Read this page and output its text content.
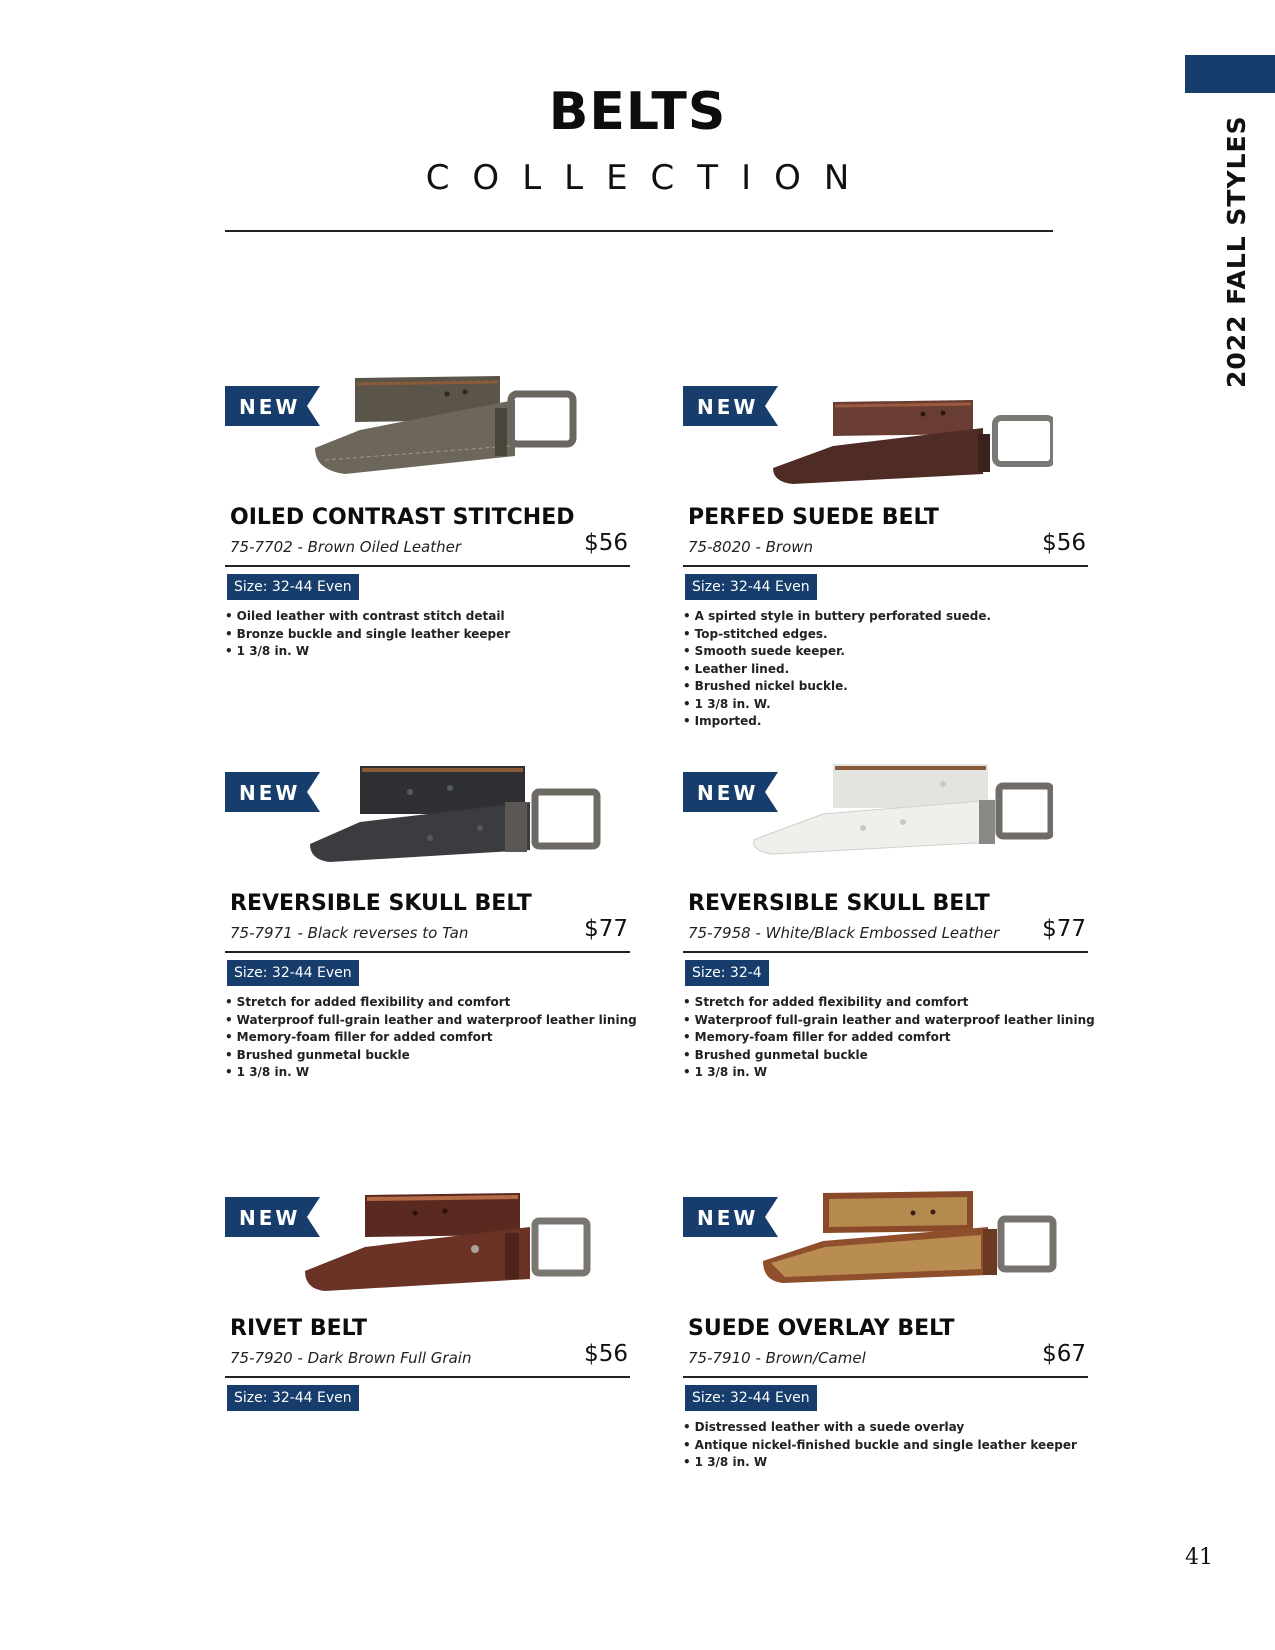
2022 FALL STYLES
BELTS
COLLECTION
NEW
OILED CONTRAST STITCHED
75-7702 - Brown Oiled Leather	$56
Size: 32-44 Even
• Oiled leather with contrast stitch detail
• Bronze buckle and single leather keeper
• 1 3/8 in. W
NEW
PERFED SUEDE BELT
75-8020 - Brown	$56
Size: 32-44 Even
• A spirted style in buttery perforated suede.
• Top-stitched edges.
• Smooth suede keeper.
• Leather lined.
• Brushed nickel buckle.
• 1 3/8 in. W.
• Imported.
NEW
REVERSIBLE SKULL BELT
75-7971 - Black reverses to Tan	$77
Size: 32-44 Even
• Stretch for added flexibility and comfort
• Waterproof full-grain leather and waterproof leather lining
• Memory-foam filler for added comfort
• Brushed gunmetal buckle
• 1 3/8 in. W
NEW
REVERSIBLE SKULL BELT
75-7958 - White/Black Embossed Leather $77
Size: 32-4
• Stretch for added flexibility and comfort
• Waterproof full-grain leather and waterproof leather lining
• Memory-foam filler for added comfort
• Brushed gunmetal buckle
• 1 3/8 in. W
NEW
RIVET BELT
75-7920 - Dark Brown Full Grain	$56
Size: 32-44 Even
NEW
SUEDE OVERLAY BELT
75-7910 - Brown/Camel	$67
Size: 32-44 Even
• Distressed leather with a suede overlay
• Antique nickel-finished buckle and single leather keeper
• 1 3/8 in. W
41
